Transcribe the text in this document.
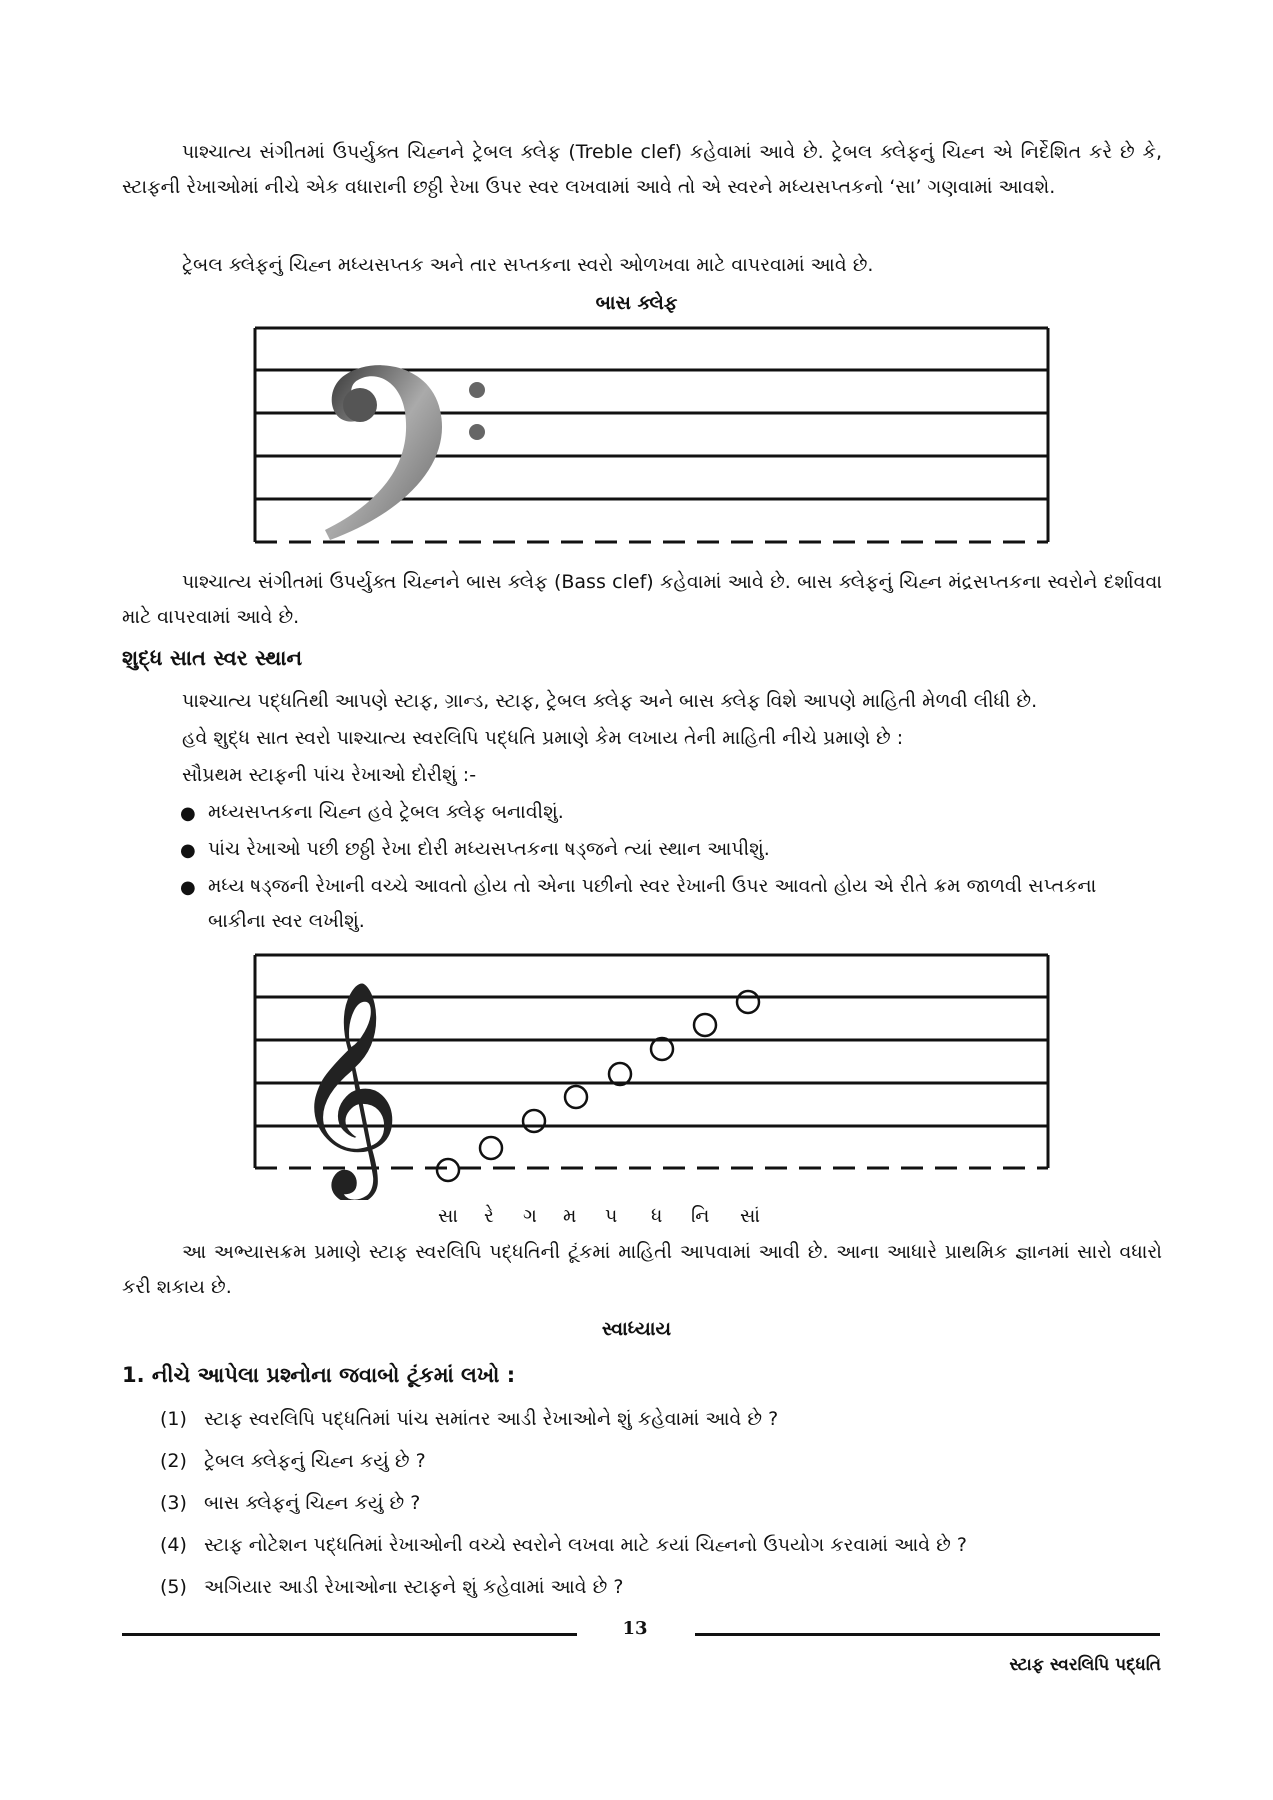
પાશ્ચાત્ય સંગીતમાં ઉપર્યુક્ત ચિહ્નને ટ્રેબલ ક્લેફ (Treble clef) કહેવામાં આવે છે. ટ્રેબલ ક્લેફનું ચિહ્ન એ નિર્દેશિત કરે છે કે, સ્ટાફની રેખાઓમાં નીચે એક વધારાની છઠ્ઠી રેખા ઉપર સ્વર લખવામાં આવે તો એ સ્વરને મધ્યસપ્તકનો ‘સા’ ગણવામાં આવશે.

ટ્રેબલ ક્લેફનું ચિહ્ન મધ્યસપ્તક અને તાર સપ્તકના સ્વરો ઓળખવા માટે વાપરવામાં આવે છે.

બાસ ક્લેફ

પાશ્ચાત્ય સંગીતમાં ઉપર્યુક્ત ચિહ્નને બાસ ક્લેફ (Bass clef) કહેવામાં આવે છે. બાસ ક્લેફનું ચિહ્ન મંદ્રસપ્તકના સ્વરોને દર્શાવવા માટે વાપરવામાં આવે છે.

શુદ્ધ સાત સ્વર સ્થાન
પાશ્ચાત્ય પદ્ધતિથી આપણે સ્ટાફ, ગ્રાન્ડ, સ્ટાફ, ટ્રેબલ ક્લેફ અને બાસ ક્લેફ વિશે આપણે માહિતી મેળવી લીધી છે.
હવે શુદ્ધ સાત સ્વરો પાશ્ચાત્ય સ્વરલિપિ પદ્ધતિ પ્રમાણે કેમ લખાય તેની માહિતી નીચે પ્રમાણે છે :
સૌપ્રથમ સ્ટાફની પાંચ રેખાઓ દોરીશું :-
● મધ્યસપ્તકના ચિહ્ન હવે ટ્રેબલ ક્લેફ બનાવીશું.
● પાંચ રેખાઓ પછી છઠ્ઠી રેખા દોરી મધ્યસપ્તકના ષડ્જને ત્યાં સ્થાન આપીશું.
● મધ્ય ષડ્જની રેખાની વચ્ચે આવતો હોય તો એના પછીનો સ્વર રેખાની ઉપર આવતો હોય એ રીતે ક્રમ જાળવી સપ્તકના બાકીના સ્વર લખીશું.
𝄞
સા રે ગ મ પ ધ નિ સાં

આ અભ્યાસક્રમ પ્રમાણે સ્ટાફ સ્વરલિપિ પદ્ધતિની ટૂંકમાં માહિતી આપવામાં આવી છે. આના આધારે પ્રાથમિક જ્ઞાનમાં સારો વધારો કરી શકાય છે.

સ્વાધ્યાય
1. નીચે આપેલા પ્રશ્નોના જવાબો ટૂંકમાં લખો :
(1) સ્ટાફ સ્વરલિપિ પદ્ધતિમાં પાંચ સમાંતર આડી રેખાઓને શું કહેવામાં આવે છે ?
(2) ટ્રેબલ ક્લેફનું ચિહ્ન કયું છે ?
(3) બાસ ક્લેફનું ચિહ્ન કયું છે ?
(4) સ્ટાફ નોટેશન પદ્ધતિમાં રેખાઓની વચ્ચે સ્વરોને લખવા માટે કયાં ચિહ્નનો ઉપયોગ કરવામાં આવે છે ?
(5) અગિયાર આડી રેખાઓના સ્ટાફને શું કહેવામાં આવે છે ?
13
સ્ટાફ સ્વરલિપિ પદ્ધતિ
